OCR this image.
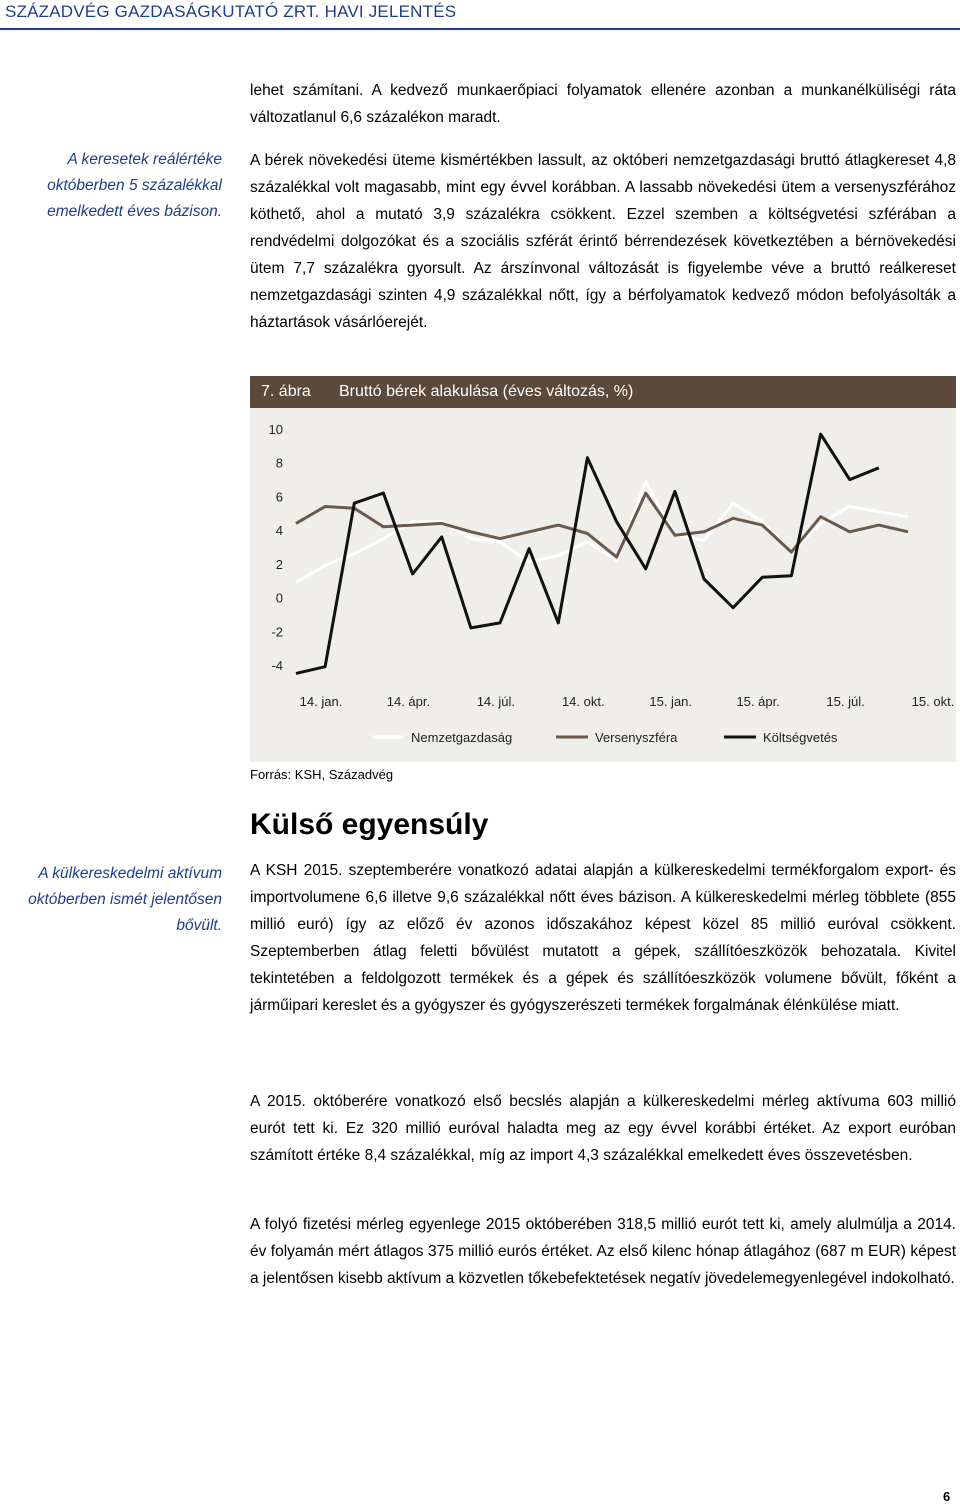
SZÁZADVÉG GAZDASÁGKUTATÓ ZRT. HAVI JELENTÉS

lehet számítani. A kedvező munkaerőpiaci folyamatok ellenére azonban a munkanélküliségi ráta változatlanul 6,6 százalékon maradt.

A keresetek reálértéke októberben 5 százalékkal emelkedett éves bázison.

A bérek növekedési üteme kismértékben lassult, az októberi nemzetgazdasági bruttó átlagkereset 4,8 százalékkal volt magasabb, mint egy évvel korábban. A lassabb növekedési ütem a versenyszférához köthető, ahol a mutató 3,9 százalékra csökkent. Ezzel szemben a költségvetési szférában a rendvédelmi dolgozókat és a szociális szférát érintő bérrendezések következtében a bérnövekedési ütem 7,7 százalékra gyorsult. Az árszínvonal változását is figyelembe véve a bruttó reálkereset nemzetgazdasági szinten 4,9 százalékkal nőtt, így a bérfolyamatok kedvező módon befolyásolták a háztartások vásárlóerejét.

7. ábra Bruttó bérek alakulása (éves változás, %)
-4
-2
0
2
4
6
8
10
14. jan.	14. ápr.	14. júl.	14. okt.	15. jan.	15. ápr.	15. júl.	15. okt.
Nemzetgazdaság	Versenyszféra	Költségvetés
Forrás: KSH, Századvég
Külső egyensúly
A külkereskedelmi aktívum októberben ismét jelentősen bővült.

A KSH 2015. szeptemberére vonatkozó adatai alapján a külkereskedelmi termékforgalom export- és importvolumene 6,6 illetve 9,6 százalékkal nőtt éves bázison. A külkereskedelmi mérleg többlete (855 millió euró) így az előző év azonos időszakához képest közel 85 millió euróval csökkent. Szeptemberben átlag feletti bővülést mutatott a gépek, szállítóeszközök behozatala. Kivitel tekintetében a feldolgozott termékek és a gépek és szállítóeszközök volumene bővült, főként a járműipari kereslet és a gyógyszer és gyógyszerészeti termékek forgalmának élénkülése miatt.

A 2015. októberére vonatkozó első becslés alapján a külkereskedelmi mérleg aktívuma 603 millió eurót tett ki. Ez 320 millió euróval haladta meg az egy évvel korábbi értéket. Az export euróban számított értéke 8,4 százalékkal, míg az import 4,3 százalékkal emelkedett éves összevetésben.

A folyó fizetési mérleg egyenlege 2015 októberében 318,5 millió eurót tett ki, amely alulmúlja a 2014. év folyamán mért átlagos 375 millió eurós értéket. Az első kilenc hónap átlagához (687 m EUR) képest a jelentősen kisebb aktívum a közvetlen tőkebefektetések negatív jövedelemegyenlegével indokolható.

6
